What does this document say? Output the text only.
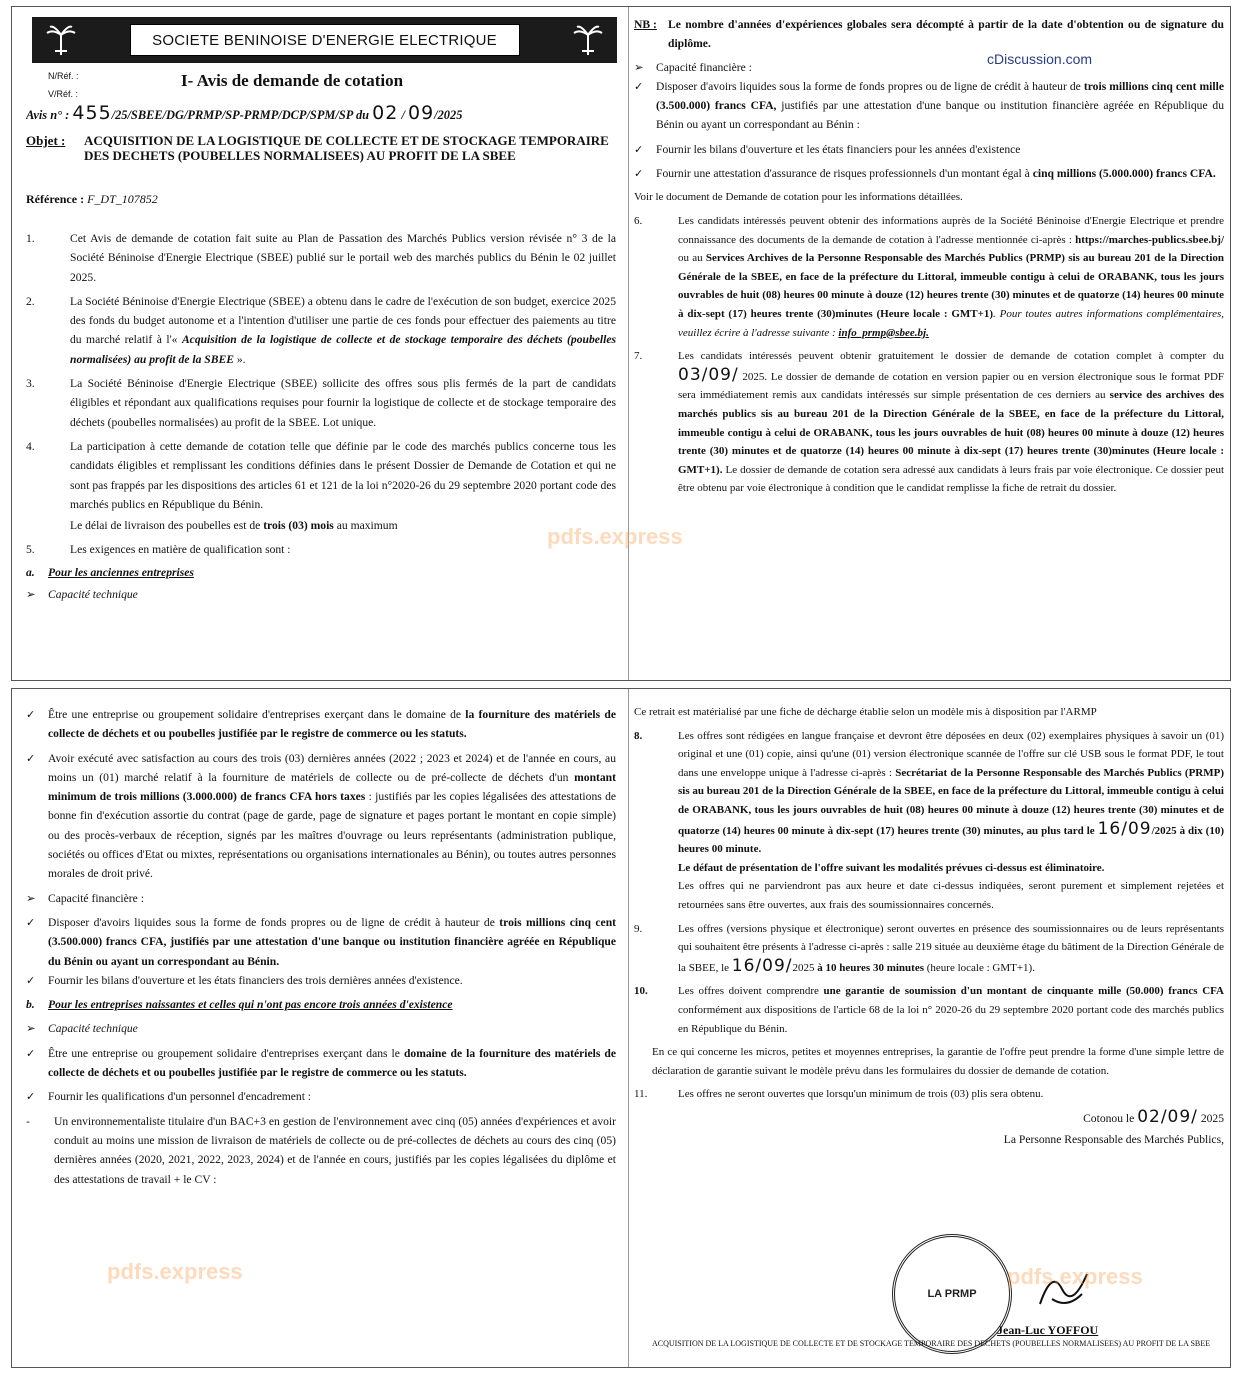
SOCIETE BENINOISE D'ENERGIE ELECTRIQUE
N/Réf. :
V/Réf. :
I- Avis de demande de cotation
Avis n° : 455/25/SBEE/DG/PRMP/SP-PRMP/DCP/SPM/SP du 02 / 09/2025
Objet :	ACQUISITION DE LA LOGISTIQUE DE COLLECTE ET DE STOCKAGE TEMPORAIRE DES DECHETS (POUBELLES NORMALISEES) AU PROFIT DE LA SBEE
Référence : F_DT_107852
1.	Cet Avis de demande de cotation fait suite au Plan de Passation des Marchés Publics version révisée n° 3 de la Société Béninoise d'Energie Electrique (SBEE) publié sur le portail web des marchés publics du Bénin le 02 juillet 2025.
2.	La Société Béninoise d'Energie Electrique (SBEE) a obtenu dans le cadre de l'exécution de son budget, exercice 2025 des fonds du budget autonome et a l'intention d'utiliser une partie de ces fonds pour effectuer des paiements au titre du marché relatif à l'« Acquisition de la logistique de collecte et de stockage temporaire des déchets (poubelles normalisées) au profit de la SBEE ».
3.	La Société Béninoise d'Energie Electrique (SBEE) sollicite des offres sous plis fermés de la part de candidats éligibles et répondant aux qualifications requises pour fournir la logistique de collecte et de stockage temporaire des déchets (poubelles normalisées) au profit de la SBEE. Lot unique.
4.	La participation à cette demande de cotation telle que définie par le code des marchés publics concerne tous les candidats éligibles et remplissant les conditions définies dans le présent Dossier de Demande de Cotation et qui ne sont pas frappés par les dispositions des articles 61 et 121 de la loi n°2020-26 du 29 septembre 2020 portant code des marchés publics en République du Bénin.
Le délai de livraison des poubelles est de trois (03) mois au maximum
5.	Les exigences en matière de qualification sont :
a. Pour les anciennes entreprises
➢ Capacité technique
NB : Le nombre d'années d'expériences globales sera décompté à partir de la date d'obtention ou de signature du diplôme.
➢ Capacité financière :
✓	Disposer d'avoirs liquides sous la forme de fonds propres ou de ligne de crédit à hauteur de trois millions cinq cent mille (3.500.000) francs CFA, justifiés par une attestation d'une banque ou institution financière agréée en République du Bénin ou ayant un correspondant au Bénin :
✓	Fournir les bilans d'ouverture et les états financiers pour les années d'existence
✓	Fournir une attestation d'assurance de risques professionnels d'un montant égal à cinq millions (5.000.000) francs CFA.
Voir le document de Demande de cotation pour les informations détaillées.
6.	Les candidats intéressés peuvent obtenir des informations auprès de la Société Béninoise d'Energie Electrique et prendre connaissance des documents de la demande de cotation à l'adresse mentionnée ci-après : https://marches-publics.sbee.bj/ ou au Services Archives de la Personne Responsable des Marchés Publics (PRMP) sis au bureau 201 de la Direction Générale de la SBEE, en face de la préfecture du Littoral, immeuble contigu à celui de ORABANK, tous les jours ouvrables de huit (08) heures 00 minute à douze (12) heures trente (30) minutes et de quatorze (14) heures 00 minute à dix-sept (17) heures trente (30)minutes (Heure locale : GMT+1). Pour toutes autres informations complémentaires, veuillez écrire à l'adresse suivante : info_prmp@sbee.bj.
7.	Les candidats intéressés peuvent obtenir gratuitement le dossier de demande de cotation complet à compter du 03/09/ 2025. Le dossier de demande de cotation en version papier ou en version électronique sous le format PDF sera immédiatement remis aux candidats intéressés sur simple présentation de ces derniers au service des archives des marchés publics sis au bureau 201 de la Direction Générale de la SBEE, en face de la préfecture du Littoral, immeuble contigu à celui de ORABANK, tous les jours ouvrables de huit (08) heures 00 minute à douze (12) heures trente (30) minutes et de quatorze (14) heures 00 minute à dix-sept (17) heures trente (30)minutes (Heure locale : GMT+1). Le dossier de demande de cotation sera adressé aux candidats à leurs frais par voie électronique. Ce dossier peut être obtenu par voie électronique à condition que le candidat remplisse la fiche de retrait du dossier.
cDiscussion.com
pdfs.express
✓	Être une entreprise ou groupement solidaire d'entreprises exerçant dans le domaine de la fourniture des matériels de collecte de déchets et ou poubelles justifiée par le registre de commerce ou les statuts.
✓	Avoir exécuté avec satisfaction au cours des trois (03) dernières années (2022 ; 2023 et 2024) et de l'année en cours, au moins un (01) marché relatif à la fourniture de matériels de collecte ou de pré-collecte de déchets d'un montant minimum de trois millions (3.000.000) de francs CFA hors taxes : justifiés par les copies légalisées des attestations de bonne fin d'exécution assortie du contrat (page de garde, page de signature et pages portant le montant en copie simple) ou des procès-verbaux de réception, signés par les maîtres d'ouvrage ou leurs représentants (administration publique, sociétés ou offices d'Etat ou mixtes, représentations ou organisations internationales au Bénin), ou toutes autres personnes morales de droit privé.
➢ Capacité financière :
✓	Disposer d'avoirs liquides sous la forme de fonds propres ou de ligne de crédit à hauteur de trois millions cinq cent (3.500.000) francs CFA, justifiés par une attestation d'une banque ou institution financière agréée en République du Bénin ou ayant un correspondant au Bénin.
✓	Fournir les bilans d'ouverture et les états financiers des trois dernières années d'existence.
b. Pour les entreprises naissantes et celles qui n'ont pas encore trois années d'existence
➢ Capacité technique
✓	Être une entreprise ou groupement solidaire d'entreprises exerçant dans le domaine de la fourniture des matériels de collecte de déchets et ou poubelles justifiée par le registre de commerce ou les statuts.
✓	Fournir les qualifications d'un personnel d'encadrement :
-	Un environnementaliste titulaire d'un BAC+3 en gestion de l'environnement avec cinq (05) années d'expériences et avoir conduit au moins une mission de livraison de matériels de collecte ou de pré-collectes de déchets au cours des cinq (05) dernières années (2020, 2021, 2022, 2023, 2024) et de l'année en cours, justifiés par les copies légalisées du diplôme et des attestations de travail + le CV :
Ce retrait est matérialisé par une fiche de décharge établie selon un modèle mis à disposition par l'ARMP
8.	Les offres sont rédigées en langue française et devront être déposées en deux (02) exemplaires physiques à savoir un (01) original et une (01) copie, ainsi qu'une (01) version électronique scannée de l'offre sur clé USB sous le format PDF, le tout dans une enveloppe unique à l'adresse ci-après : Secrétariat de la Personne Responsable des Marchés Publics (PRMP) sis au bureau 201 de la Direction Générale de la SBEE, en face de la préfecture du Littoral, immeuble contigu à celui de ORABANK, tous les jours ouvrables de huit (08) heures 00 minute à douze (12) heures trente (30) minutes et de quatorze (14) heures 00 minute à dix-sept (17) heures trente (30) minutes, au plus tard le 16/09/2025 à dix (10) heures 00 minute.
Le défaut de présentation de l'offre suivant les modalités prévues ci-dessus est éliminatoire.
Les offres qui ne parviendront pas aux heure et date ci-dessus indiquées, seront purement et simplement rejetées et retournées sans être ouvertes, aux frais des soumissionnaires concernés.
9.	Les offres (versions physique et électronique) seront ouvertes en présence des soumissionnaires ou de leurs représentants qui souhaitent être présents à l'adresse ci-après : salle 219 située au deuxième étage du bâtiment de la Direction Générale de la SBEE, le 16/09/2025 à 10 heures 30 minutes (heure locale : GMT+1).
10.	Les offres doivent comprendre une garantie de soumission d'un montant de cinquante mille (50.000) francs CFA conformément aux dispositions de l'article 68 de la loi n° 2020-26 du 29 septembre 2020 portant code des marchés publics en République du Bénin.
En ce qui concerne les micros, petites et moyennes entreprises, la garantie de l'offre peut prendre la forme d'une simple lettre de déclaration de garantie suivant le modèle prévu dans les formulaires du dossier de demande de cotation.
11.	Les offres ne seront ouvertes que lorsqu'un minimum de trois (03) plis sera obtenu.
Cotonou le 02/09/ 2025
La Personne Responsable des Marchés Publics,
LA PRMP
Jean-Luc YOFFOU
ACQUISITION DE LA LOGISTIQUE DE COLLECTE ET DE STOCKAGE TEMPORAIRE DES DECHETS (POUBELLES NORMALISEES) AU PROFIT DE LA SBEE
pdfs.express	pdfs.express
